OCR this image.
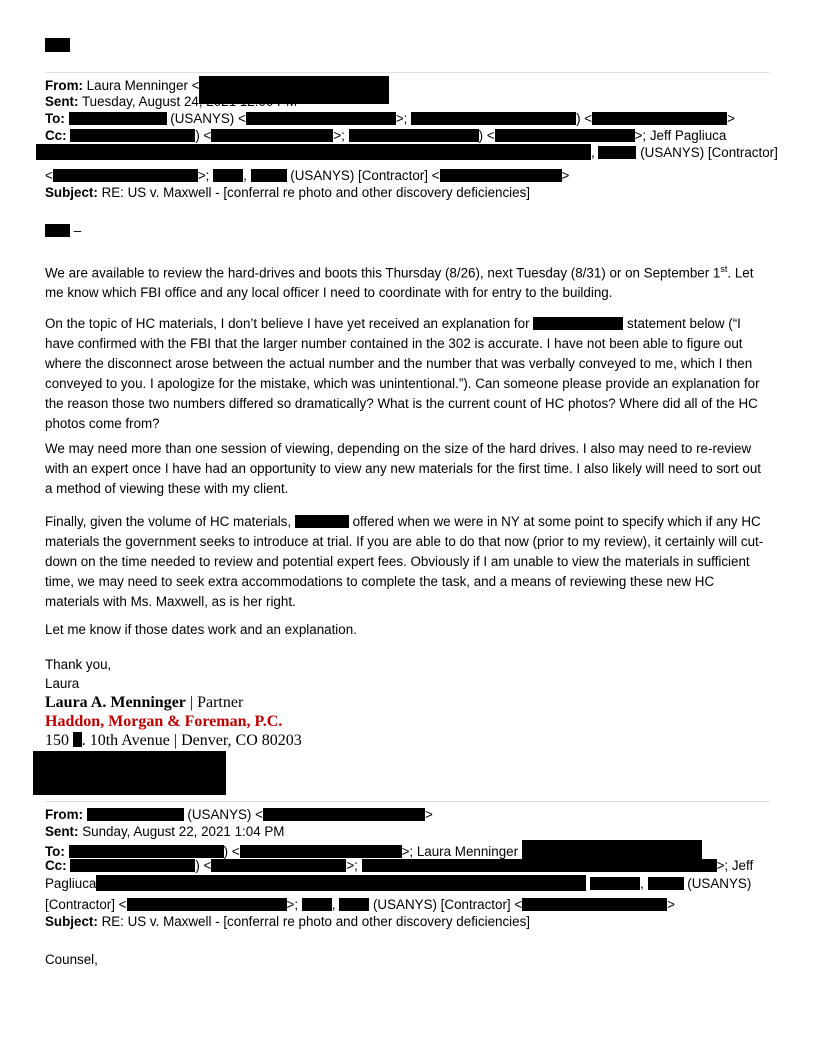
From: Laura Menninger <
Sent: Tuesday, August 24, 2021 12:00 PM
To:	(USANYS) <	>;	) <	>
Cc:	) <	>;	) <	>; Jeff Pagliuca
,	(USANYS) [Contractor]
<	>;	,	(USANYS) [Contractor] <	>
Subject: RE: US v. Maxwell - [conferral re photo and other discovery deficiencies]
–
We are available to review the hard-drives and boots this Thursday (8/26), next Tuesday (8/31) or on September 1st. Let me know which FBI office and any local officer I need to coordinate with for entry to the building.
On the topic of HC materials, I don’t believe I have yet received an explanation for	statement below (“I have confirmed with the FBI that the larger number contained in the 302 is accurate. I have not been able to figure out where the disconnect arose between the actual number and the number that was verbally conveyed to me, which I then conveyed to you. I apologize for the mistake, which was unintentional.”). Can someone please provide an explanation for the reason those two numbers differed so dramatically? What is the current count of HC photos? Where did all of the HC photos come from?
We may need more than one session of viewing, depending on the size of the hard drives. I also may need to re-review with an expert once I have had an opportunity to view any new materials for the first time. I also likely will need to sort out a method of viewing these with my client.
Finally, given the volume of HC materials,	offered when we were in NY at some point to specify which if any HC materials the government seeks to introduce at trial. If you are able to do that now (prior to my review), it certainly will cut-down on the time needed to review and potential expert fees. Obviously if I am unable to view the materials in sufficient time, we may need to seek extra accommodations to complete the task, and a means of reviewing these new HC materials with Ms. Maxwell, as is her right.
Let me know if those dates work and an explanation.
Thank you,
Laura
Laura A. Menninger | Partner
Haddon, Morgan & Foreman, P.C.
150 . 10th Avenue | Denver, CO 80203
From:	(USANYS) <	>
Sent: Sunday, August 22, 2021 1:04 PM
To:	) <	>; Laura Menninger
Cc:	) <	>;	>; Jeff
Pagliuca	,	(USANYS)
[Contractor] <	>;	,	(USANYS) [Contractor] <	>
Subject: RE: US v. Maxwell - [conferral re photo and other discovery deficiencies]
Counsel,
